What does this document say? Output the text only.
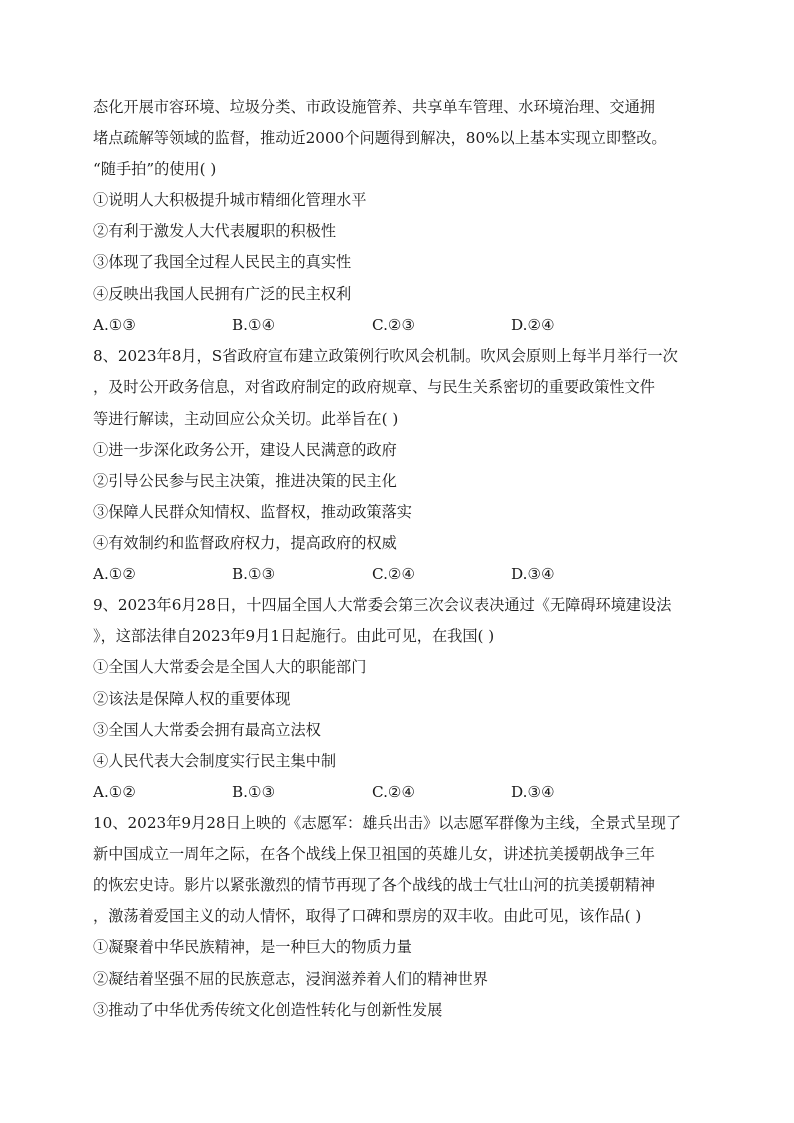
态化开展市容环境、垃圾分类、市政设施管养、共享单车管理、水环境治理、交通拥
堵点疏解等领域的监督，推动近2000个问题得到解决，80%以上基本实现立即整改。
“随手拍”的使用( )
①说明人大积极提升城市精细化管理水平
②有利于激发人大代表履职的积极性
③体现了我国全过程人民民主的真实性
④反映出我国人民拥有广泛的民主权利
A.①③	B.①④	C.②③	D.②④
8、2023年8月，S省政府宣布建立政策例行吹风会机制。吹风会原则上每半月举行一次
，及时公开政务信息，对省政府制定的政府规章、与民生关系密切的重要政策性文件
等进行解读，主动回应公众关切。此举旨在( )
①进一步深化政务公开，建设人民满意的政府
②引导公民参与民主决策，推进决策的民主化
③保障人民群众知情权、监督权，推动政策落实
④有效制约和监督政府权力，提高政府的权威
A.①②	B.①③	C.②④	D.③④
9、2023年6月28日，十四届全国人大常委会第三次会议表决通过《无障碍环境建设法
》，这部法律自2023年9月1日起施行。由此可见，在我国( )
①全国人大常委会是全国人大的职能部门
②该法是保障人权的重要体现
③全国人大常委会拥有最高立法权
④人民代表大会制度实行民主集中制
A.①②	B.①③	C.②④	D.③④
10、2023年9月28日上映的《志愿军：雄兵出击》以志愿军群像为主线，全景式呈现了
新中国成立一周年之际，在各个战线上保卫祖国的英雄儿女，讲述抗美援朝战争三年
的恢宏史诗。影片以紧张激烈的情节再现了各个战线的战士气壮山河的抗美援朝精神
，激荡着爱国主义的动人情怀，取得了口碑和票房的双丰收。由此可见，该作品( )
①凝聚着中华民族精神，是一种巨大的物质力量
②凝结着坚强不屈的民族意志，浸润滋养着人们的精神世界
③推动了中华优秀传统文化创造性转化与创新性发展
